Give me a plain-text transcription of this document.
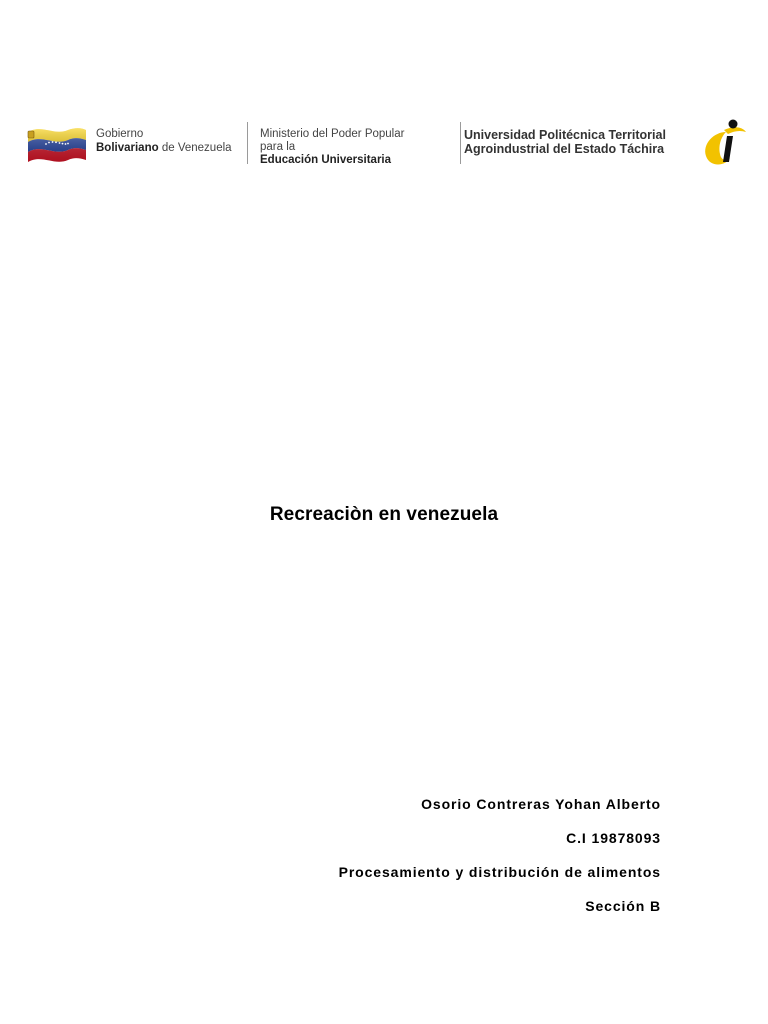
Gobierno
Bolivariano de Venezuela
Ministerio del Poder Popular
para la
Educación Universitaria
Universidad Politécnica Territorial
Agroindustrial del Estado Táchira
Recreaciòn en venezuela

Osorio Contreras Yohan Alberto

C.I 19878093

Procesamiento y distribución de alimentos

Sección B
